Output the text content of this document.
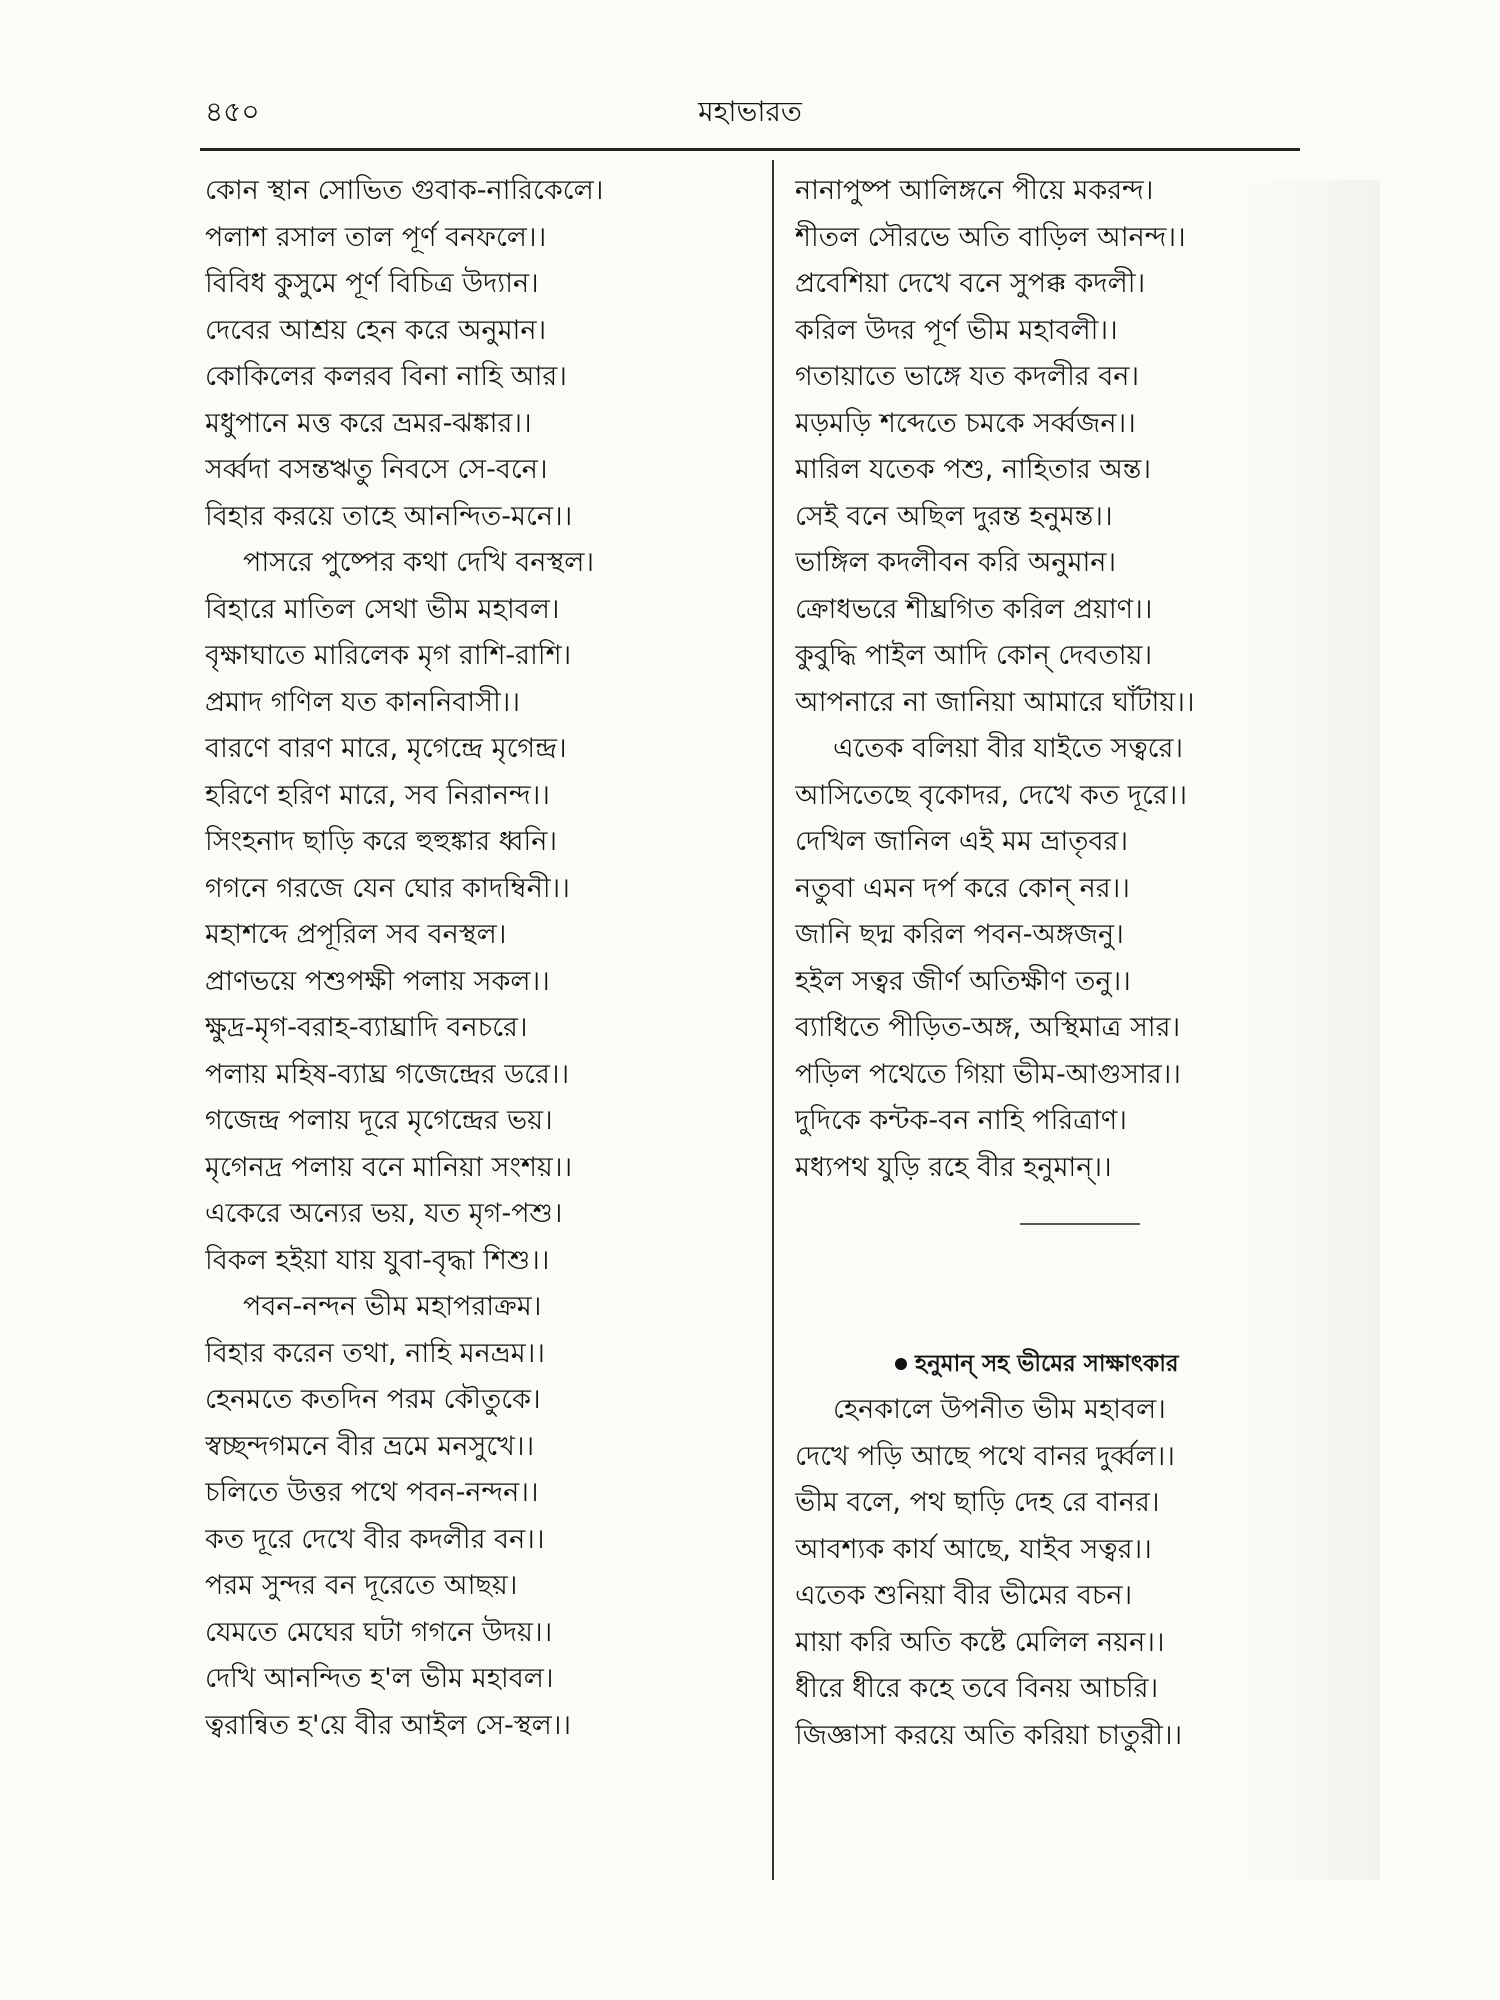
৪৫০	মহাভারত
কোন স্থান সোভিত গুবাক-নারিকেলে।
পলাশ রসাল তাল পূর্ণ বনফলে।।
বিবিধ কুসুমে পূর্ণ বিচিত্র উদ্যান।
দেবের আশ্রয় হেন করে অনুমান।
কোকিলের কলরব বিনা নাহি আর।
মধুপানে মত্ত করে ভ্রমর-ঝঙ্কার।।
সর্ব্বদা বসন্তঋতু নিবসে সে-বনে।
বিহার করয়ে তাহে আনন্দিত-মনে।।
পাসরে পুষ্পের কথা দেখি বনস্থল।
বিহারে মাতিল সেথা ভীম মহাবল।
বৃক্ষাঘাতে মারিলেক মৃগ রাশি-রাশি।
প্রমাদ গণিল যত কাননিবাসী।।
বারণে বারণ মারে, মৃগেন্দ্রে মৃগেন্দ্র।
হরিণে হরিণ মারে, সব নিরানন্দ।।
সিংহনাদ ছাড়ি করে হুহুঙ্কার ধ্বনি।
গগনে গরজে যেন ঘোর কাদম্বিনী।।
মহাশব্দে প্রপূরিল সব বনস্থল।
প্রাণভয়ে পশুপক্ষী পলায় সকল।।
ক্ষুদ্র-মৃগ-বরাহ-ব্যাঘ্রাদি বনচরে।
পলায় মহিষ-ব্যাঘ্র গজেন্দ্রের ডরে।।
গজেন্দ্র পলায় দূরে মৃগেন্দ্রের ভয়।
মৃগেনদ্র পলায় বনে মানিয়া সংশয়।।
একেরে অন্যের ভয়, যত মৃগ-পশু।
বিকল হইয়া যায় যুবা-বৃদ্ধা শিশু।।
পবন-নন্দন ভীম মহাপরাক্রম।
বিহার করেন তথা, নাহি মনভ্রম।।
হেনমতে কতদিন পরম কৌতুকে।
স্বচ্ছন্দগমনে বীর ভ্রমে মনসুখে।।
চলিতে উত্তর পথে পবন-নন্দন।।
কত দূরে দেখে বীর কদলীর বন।।
পরম সুন্দর বন দূরেতে আছয়।
যেমতে মেঘের ঘটা গগনে উদয়।।
দেখি আনন্দিত হ'ল ভীম মহাবল।
ত্বরান্বিত হ'য়ে বীর আইল সে-স্থল।।
নানাপুষ্প আলিঙ্গনে পীয়ে মকরন্দ।
শীতল সৌরভে অতি বাড়িল আনন্দ।।
প্রবেশিয়া দেখে বনে সুপক্ক কদলী।
করিল উদর পূর্ণ ভীম মহাবলী।।
গতায়াতে ভাঙ্গে যত কদলীর বন।
মড়মড়ি শব্দেতে চমকে সর্ব্বজন।।
মারিল যতেক পশু, নাহিতার অন্ত।
সেই বনে অছিল দুরন্ত হনুমন্ত।।
ভাঙ্গিল কদলীবন করি অনুমান।
ক্রোধভরে শীঘ্রগিত করিল প্রয়াণ।।
কুবুদ্ধি পাইল আদি কোন্ দেবতায়।
আপনারে না জানিয়া আমারে ঘাঁটায়।।
এতেক বলিয়া বীর যাইতে সত্বরে।
আসিতেছে বৃকোদর, দেখে কত দূরে।।
দেখিল জানিল এই মম ভ্রাতৃবর।
নতুবা এমন দর্প করে কোন্ নর।।
জানি ছদ্ম করিল পবন-অঙ্গজনু।
হইল সত্বর জীর্ণ অতিক্ষীণ তনু।।
ব্যাধিতে পীড়িত-অঙ্গ, অস্থিমাত্র সার।
পড়িল পথেতে গিয়া ভীম-আগুসার।।
দুদিকে কন্টক-বন নাহি পরিত্রাণ।
মধ্যপথ যুড়ি রহে বীর হনুমান্।।
হনুমান্ সহ ভীমের সাক্ষাৎকার
হেনকালে উপনীত ভীম মহাবল।
দেখে পড়ি আছে পথে বানর দুর্ব্বল।।
ভীম বলে, পথ ছাড়ি দেহ রে বানর।
আবশ্যক কার্য আছে, যাইব সত্বর।।
এতেক শুনিয়া বীর ভীমের বচন।
মায়া করি অতি কষ্টে মেলিল নয়ন।।
ধীরে ধীরে কহে তবে বিনয় আচরি।
জিজ্ঞাসা করয়ে অতি করিয়া চাতুরী।।
